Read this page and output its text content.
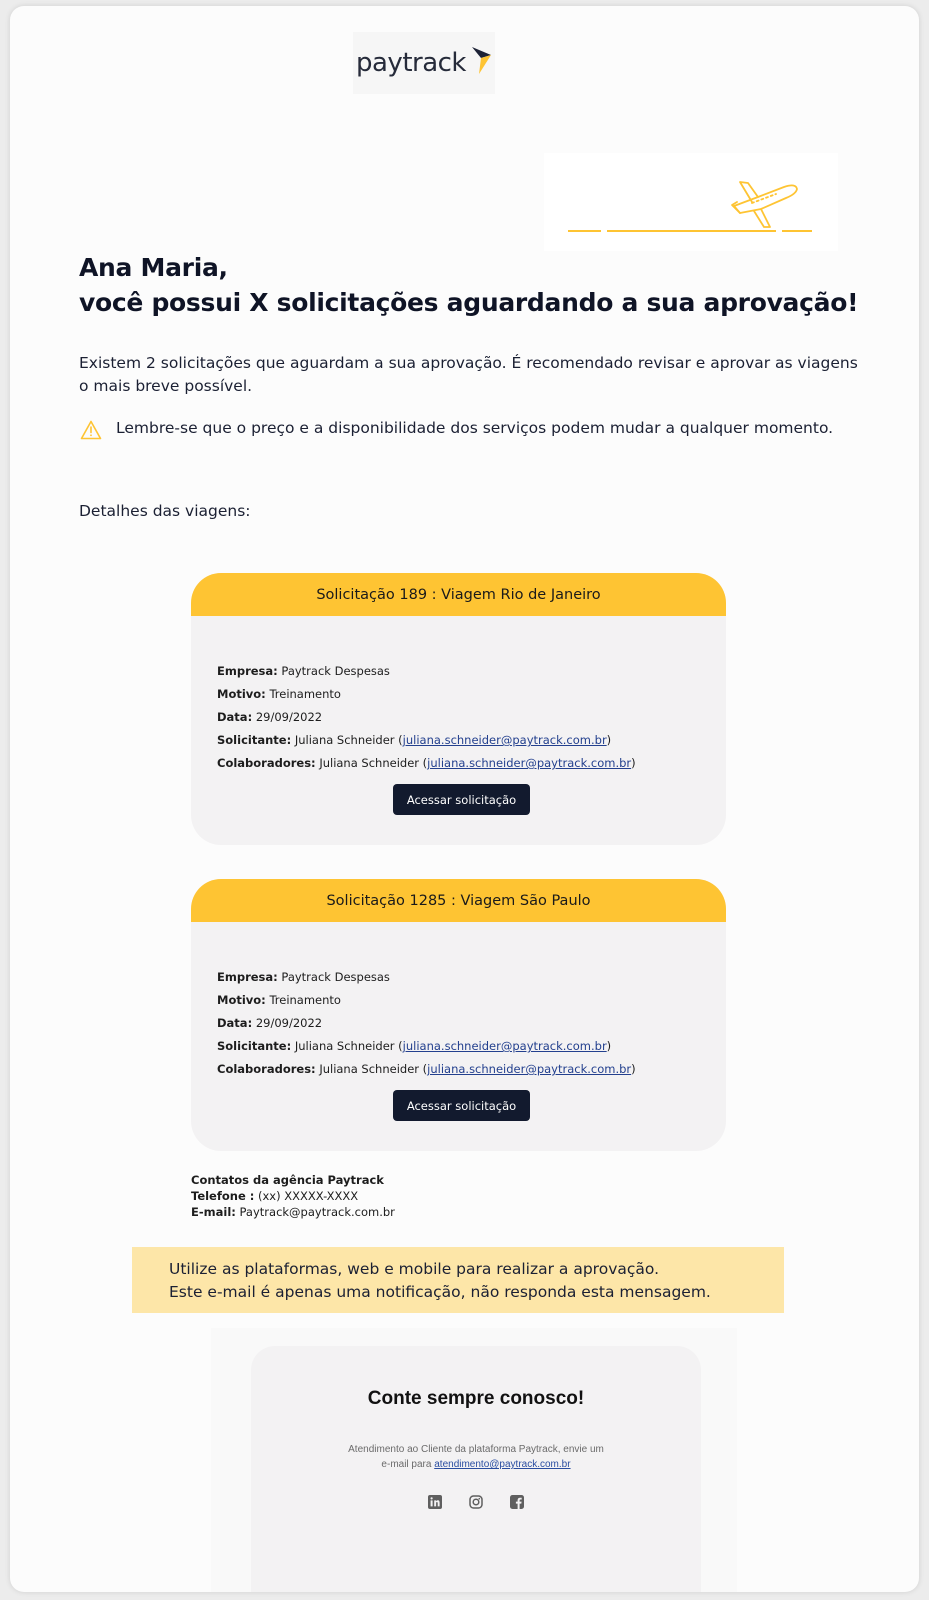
paytrack
Ana Maria,
você possui X solicitações aguardando a sua aprovação!
Existem 2 solicitações que aguardam a sua aprovação. É recomendado revisar e aprovar as viagens o mais breve possível.
Lembre-se que o preço e a disponibilidade dos serviços podem mudar a qualquer momento.
Detalhes das viagens:
Solicitação 189 : Viagem Rio de Janeiro
Empresa: Paytrack Despesas
Motivo: Treinamento
Data: 29/09/2022
Solicitante: Juliana Schneider (juliana.schneider@paytrack.com.br)
Colaboradores: Juliana Schneider (juliana.schneider@paytrack.com.br)
Acessar solicitação
Solicitação 1285 : Viagem São Paulo
Empresa: Paytrack Despesas
Motivo: Treinamento
Data: 29/09/2022
Solicitante: Juliana Schneider (juliana.schneider@paytrack.com.br)
Colaboradores: Juliana Schneider (juliana.schneider@paytrack.com.br)
Acessar solicitação
Contatos da agência Paytrack
Telefone : (xx) XXXXX-XXXX
E-mail: Paytrack@paytrack.com.br
Utilize as plataformas, web e mobile para realizar a aprovação.
Este e-mail é apenas uma notificação, não responda esta mensagem.
Conte sempre conosco!
Atendimento ao Cliente da plataforma Paytrack, envie um
e-mail para atendimento@paytrack.com.br
